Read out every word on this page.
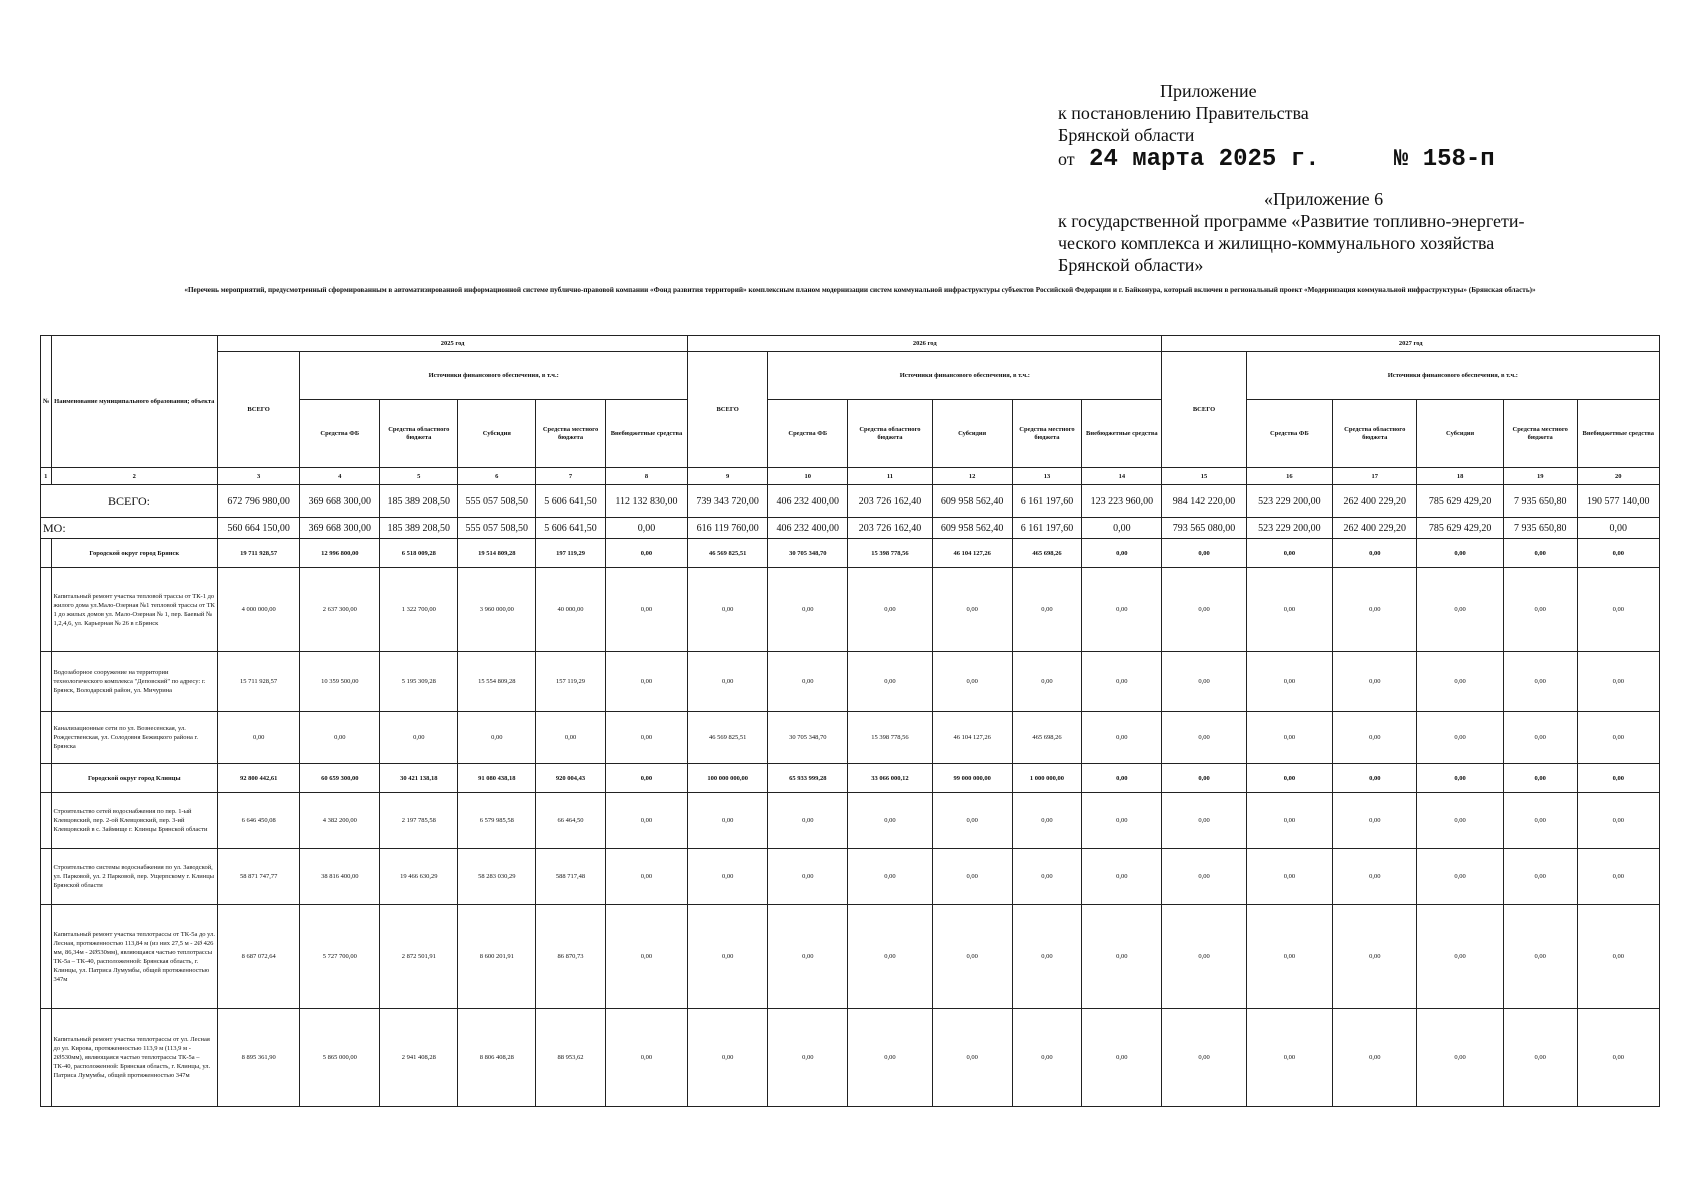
Приложение
к постановлению Правительства
Брянской области
от 24 марта 2025 г.	№ 158-п
«Приложение 6
к государственной программе «Развитие топливно-энергети-
ческого комплекса и жилищно-коммунального хозяйства
Брянской области»
«Перечень мероприятий, предусмотренный сформированным в автоматизированной информационной системе публично-правовой компании «Фонд развития территорий» комплексным планом модернизации систем коммунальной инфраструктуры субъектов Российской Федерации и г. Байконура, который включен в региональный проект «Модернизация коммунальной инфраструктуры» (Брянская область)»
№	Наименование муниципального образования; объекта	2025 год						2026 год						2027 год					
		ВСЕГО	Источники финансового обеспечения, в т.ч.:					ВСЕГО	Источники финансового обеспечения, в т.ч.:					ВСЕГО	Источники финансового обеспечения, в т.ч.:				
			Средства ФБ	Средства областного бюджета	Субсидия	Средства местного бюджета	Внебюджетные средства		Средства ФБ	Средства областного бюджета	Субсидия	Средства местного бюджета	Внебюджетные средства		Средства ФБ	Средства областного бюджета	Субсидия	Средства местного бюджета	Внебюджетные средства
1	2	3	4	5	6	7	8	9	10	11	12	13	14	15	16	17	18	19	20
ВСЕГО:		672 796 980,00	369 668 300,00	185 389 208,50	555 057 508,50	5 606 641,50	112 132 830,00	739 343 720,00	406 232 400,00	203 726 162,40	609 958 562,40	6 161 197,60	123 223 960,00	984 142 220,00	523 229 200,00	262 400 229,20	785 629 429,20	7 935 650,80	190 577 140,00
МО:		560 664 150,00	369 668 300,00	185 389 208,50	555 057 508,50	5 606 641,50	0,00	616 119 760,00	406 232 400,00	203 726 162,40	609 958 562,40	6 161 197,60	0,00	793 565 080,00	523 229 200,00	262 400 229,20	785 629 429,20	7 935 650,80	0,00
	Городской округ город Брянск	19 711 928,57	12 996 800,00	6 518 009,28	19 514 809,28	197 119,29	0,00	46 569 825,51	30 705 348,70	15 398 778,56	46 104 127,26	465 698,26	0,00	0,00	0,00	0,00	0,00	0,00	0,00
	Капитальный ремонт участка тепловой трассы от ТК-1 до жилого дома ул.Мало-Озерная №1 тепловой трассы от ТК 1 до жилых домов ул. Мало-Озерная № 1, пер. Баевый № 1,2,4,6, ул. Карьерная № 26 в г.Брянск	4 000 000,00	2 637 300,00	1 322 700,00	3 960 000,00	40 000,00	0,00	0,00	0,00	0,00	0,00	0,00	0,00	0,00	0,00	0,00	0,00	0,00	0,00
	Водозаборное сооружение на территории технологического комплекса "Деповский" по адресу: г. Брянск, Володарский район, ул. Мичурина	15 711 928,57	10 359 500,00	5 195 309,28	15 554 809,28	157 119,29	0,00	0,00	0,00	0,00	0,00	0,00	0,00	0,00	0,00	0,00	0,00	0,00	0,00
	Канализационные сети по ул. Вознесенская, ул. Рождественская, ул. Солодовня Бежицкого района г. Брянска	0,00	0,00	0,00	0,00	0,00	0,00	46 569 825,51	30 705 348,70	15 398 778,56	46 104 127,26	465 698,26	0,00	0,00	0,00	0,00	0,00	0,00	0,00
	Городской округ город Клинцы	92 800 442,61	60 659 300,00	30 421 138,18	91 080 438,18	920 004,43	0,00	100 000 000,00	65 933 999,28	33 066 000,12	99 000 000,00	1 000 000,00	0,00	0,00	0,00	0,00	0,00	0,00	0,00
	Строительство сетей водоснабжения по пер. 1-ый Клевцовский, пер. 2-ой Клевцовский, пер. 3-ий Клевцовский в с. Займище г. Клинцы Брянской области	6 646 450,08	4 382 200,00	2 197 785,58	6 579 985,58	66 464,50	0,00	0,00	0,00	0,00	0,00	0,00	0,00	0,00	0,00	0,00	0,00	0,00	0,00
	Строительство системы водоснабжения по ул. Заводской, ул. Парковой, ул. 2 Парковой, пер. Ущерпскому г. Клинцы Брянской области	58 871 747,77	38 816 400,00	19 466 630,29	58 283 030,29	588 717,48	0,00	0,00	0,00	0,00	0,00	0,00	0,00	0,00	0,00	0,00	0,00	0,00	0,00
	Капитальный ремонт участка теплотрассы от ТК-5а до ул. Лесная, протяженностью 113,84 м (из них 27,5 м - 2Ø 426 мм, 86,34м - 2Ø530мм), являющаяся частью теплотрассы ТК-5а – ТК-40, расположенной: Брянская область, г. Клинцы, ул. Патриса Лумумбы, общей протяженностью 347м	8 687 072,64	5 727 700,00	2 872 501,91	8 600 201,91	86 870,73	0,00	0,00	0,00	0,00	0,00	0,00	0,00	0,00	0,00	0,00	0,00	0,00	0,00
	Капитальный ремонт участка теплотрассы от ул. Лесная до ул. Кирова, протяженностью 113,9 м (113,9 м - 2Ø530мм), являющаяся частью теплотрассы ТК-5а – ТК-40, расположенной: Брянская область, г. Клинцы, ул. Патриса Лумумбы, общей протяженностью 347м	8 895 361,90	5 865 000,00	2 941 408,28	8 806 408,28	88 953,62	0,00	0,00	0,00	0,00	0,00	0,00	0,00	0,00	0,00	0,00	0,00	0,00	0,00
